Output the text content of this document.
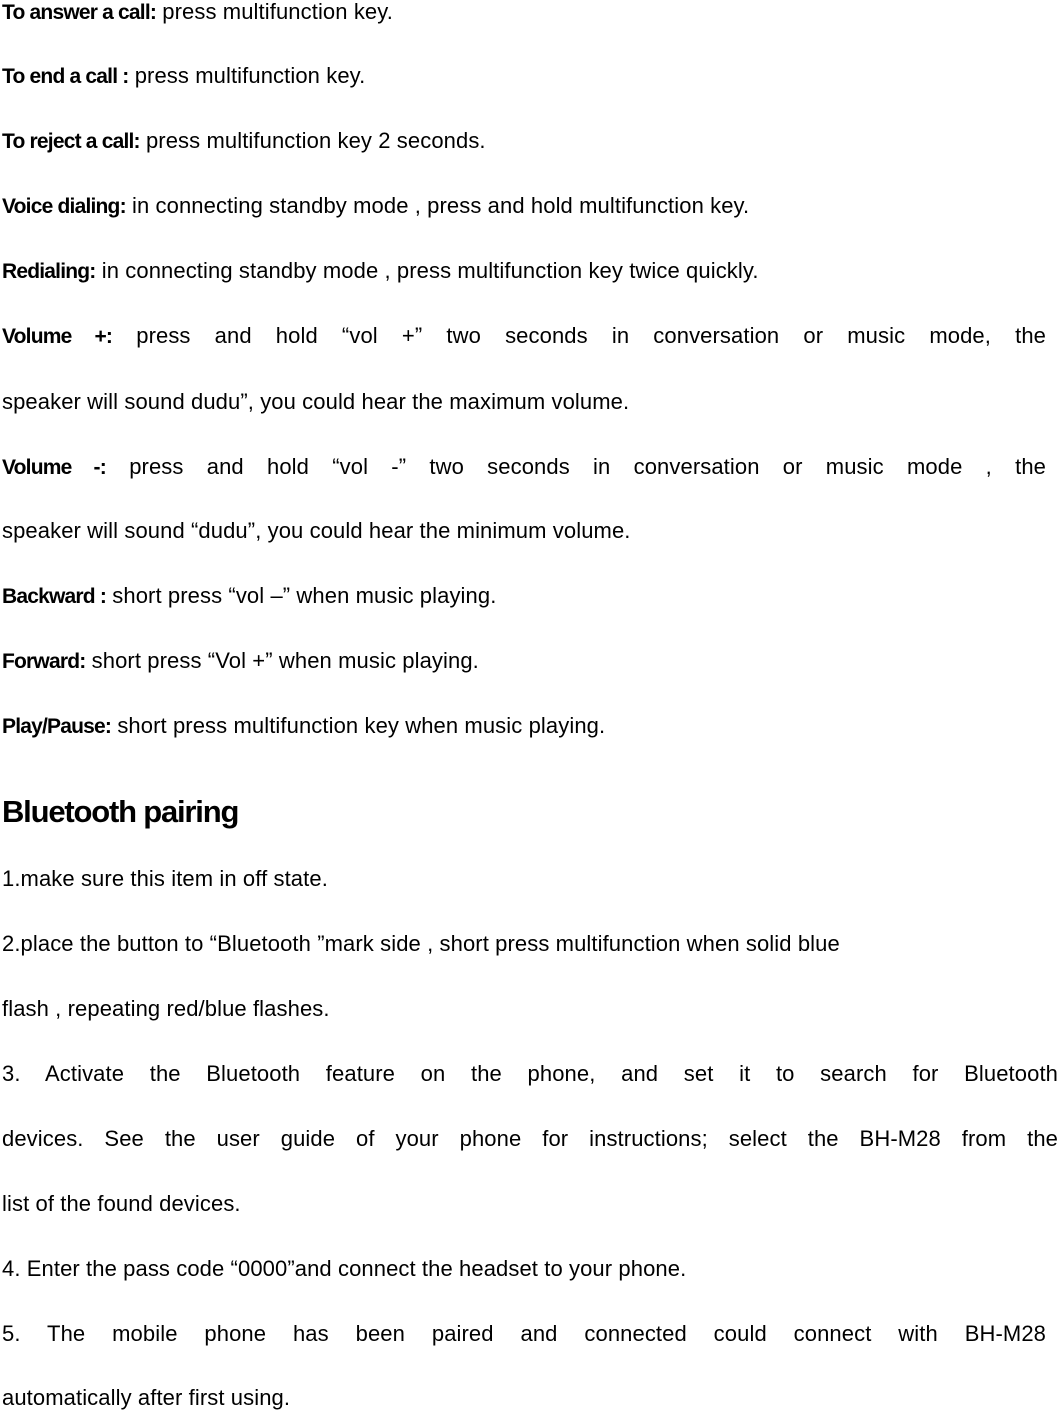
To answer a call: press multifunction key.
To end a call : press multifunction key.
To reject a call: press multifunction key 2 seconds.
Voice dialing: in connecting standby mode , press and hold multifunction key.
Redialing: in connecting standby mode , press multifunction key twice quickly.
Volume +: press and hold “vol +” two seconds in conversation or music mode, the
speaker will sound dudu”, you could hear the maximum volume.
Volume -: press and hold “vol -” two seconds in conversation or music mode , the
speaker will sound “dudu”, you could hear the minimum volume.
Backward : short press “vol –” when music playing.
Forward: short press “Vol +” when music playing.
Play/Pause: short press multifunction key when music playing.
Bluetooth pairing
1.make sure this item in off state.
2.place the button to “Bluetooth ”mark side , short press multifunction when solid blue
flash , repeating red/blue flashes.
3. Activate the Bluetooth feature on the phone, and set it to search for Bluetooth
devices. See the user guide of your phone for instructions; select the BH-M28 from the
list of the found devices.
4. Enter the pass code “0000”and connect the headset to your phone.
5. The mobile phone has been paired and connected could connect with BH-M28
automatically after first using.
